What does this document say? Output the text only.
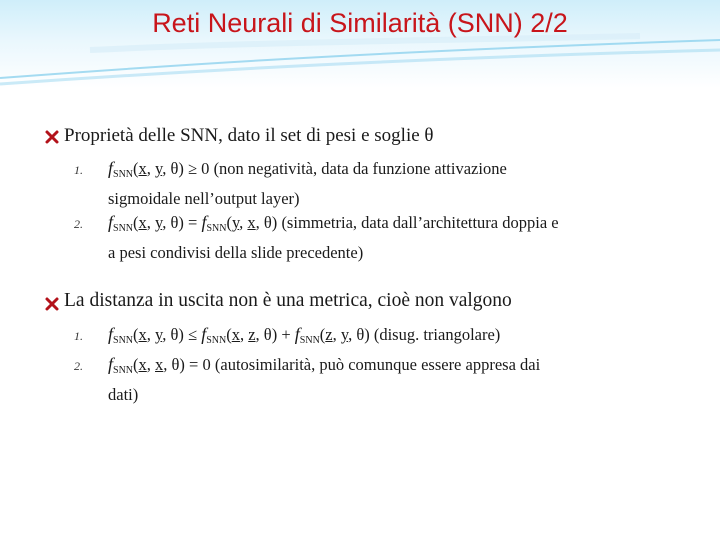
Reti Neurali di Similarità (SNN) 2/2
Proprietà delle SNN, dato il set di pesi e soglie θ
1. $f_{SNN}(x$, y, θ) ≥ 0 (non negatività, data da funzione attivazione
sigmoidale nell’output layer)
2. $f_{SNN}(x$, y, $\theta) = f_{SNN}(y$, x, θ) (simmetria, data dall’architettura doppia e
a pesi condivisi della slide precedente)
La distanza in uscita non è una metrica, cioè non valgono
1. $f_{SNN}(x$, y, $\theta) \le f_{SNN}(x$, z, $\theta) + f_{SNN}(z$, y, θ) (disug. triangolare)
2. $f_{SNN}(x$, x, θ) = 0 (autosimilarità, può comunque essere appresa dai
dati)
